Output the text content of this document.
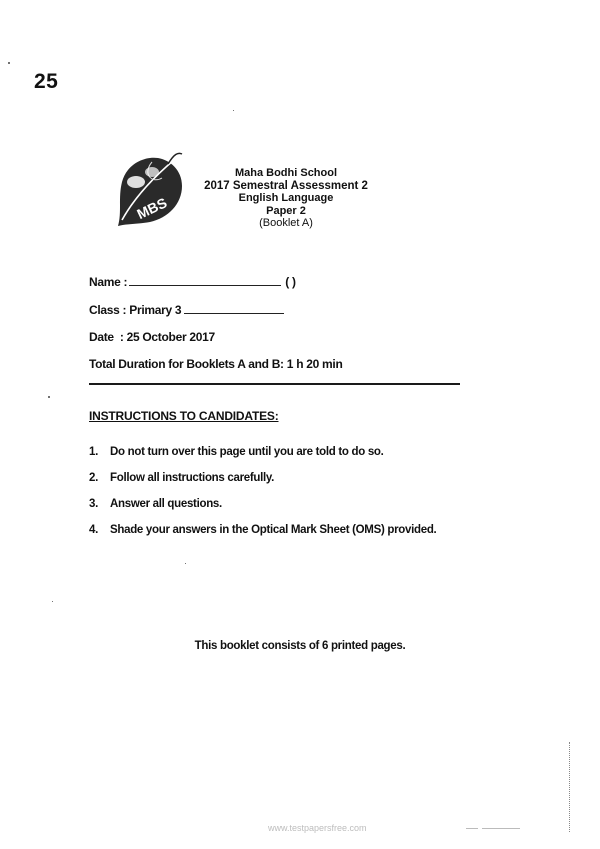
25
MBS
Maha Bodhi School
2017 Semestral Assessment 2
English Language
Paper 2
(Booklet A)
Name :	( )
Class : Primary 3
Date : 25 October 2017
Total Duration for Booklets A and B: 1 h 20 min
INSTRUCTIONS TO CANDIDATES:
1. Do not turn over this page until you are told to do so.
2. Follow all instructions carefully.
3. Answer all questions.
4. Shade your answers in the Optical Mark Sheet (OMS) provided.
This booklet consists of 6 printed pages.
www.testpapersfree.com
